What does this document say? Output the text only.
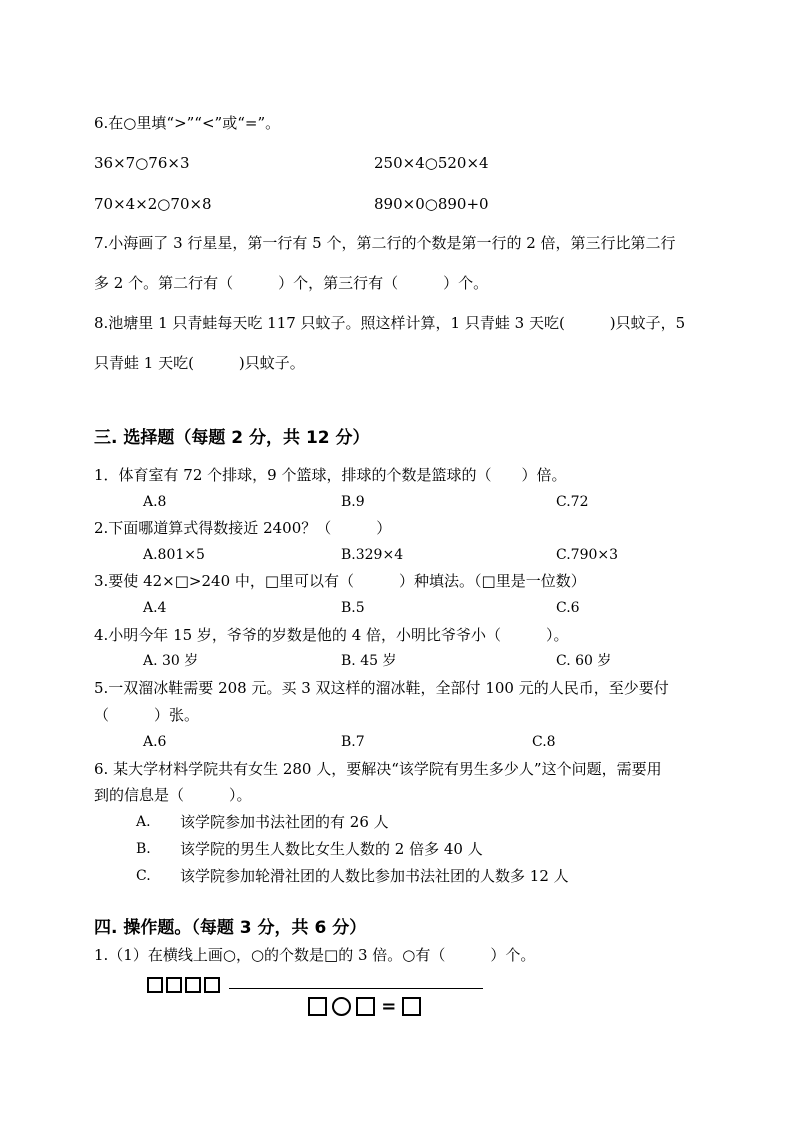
6.在○里填“>”“<”或“=”。
36×7○76×3	250×4○520×4
70×4×2○70×8	890×0○890+0
7.小海画了 3 行星星，第一行有 5 个，第二行的个数是第一行的 2 倍，第三行比第二行
多 2 个。第二行有（　　　）个，第三行有（　　　）个。
8.池塘里 1 只青蛙每天吃 117 只蚊子。照这样计算，1 只青蛙 3 天吃(　　　)只蚊子，5
只青蛙 1 天吃(　　　)只蚊子。
三. 选择题（每题 2 分，共 12 分）
1．体育室有 72 个排球，9 个篮球，排球的个数是篮球的（　　）倍。
A.8	B.9	C.72
2.下面哪道算式得数接近 2400？（　　　）
A.801×5	B.329×4	C.790×3
3.要使 42×□>240 中，□里可以有（　　　）种填法。（□里是一位数）
A.4	B.5	C.6
4.小明今年 15 岁，爷爷的岁数是他的 4 倍，小明比爷爷小（　　　）。
A. 30 岁	B. 45 岁	C. 60 岁
5.一双溜冰鞋需要 208 元。买 3 双这样的溜冰鞋，全部付 100 元的人民币，至少要付
（　　　）张。
A.6	B.7	C.8
6. 某大学材料学院共有女生 280 人，要解决“该学院有男生多少人”这个问题，需要用
到的信息是（　　　）。
A. 该学院参加书法社团的有 26 人
B. 该学院的男生人数比女生人数的 2 倍多 40 人
C. 该学院参加轮滑社团的人数比参加书法社团的人数多 12 人
四. 操作题。（每题 3 分，共 6 分）
1.（1）在横线上画○，○的个数是□的 3 倍。○有（　　　）个。
=
